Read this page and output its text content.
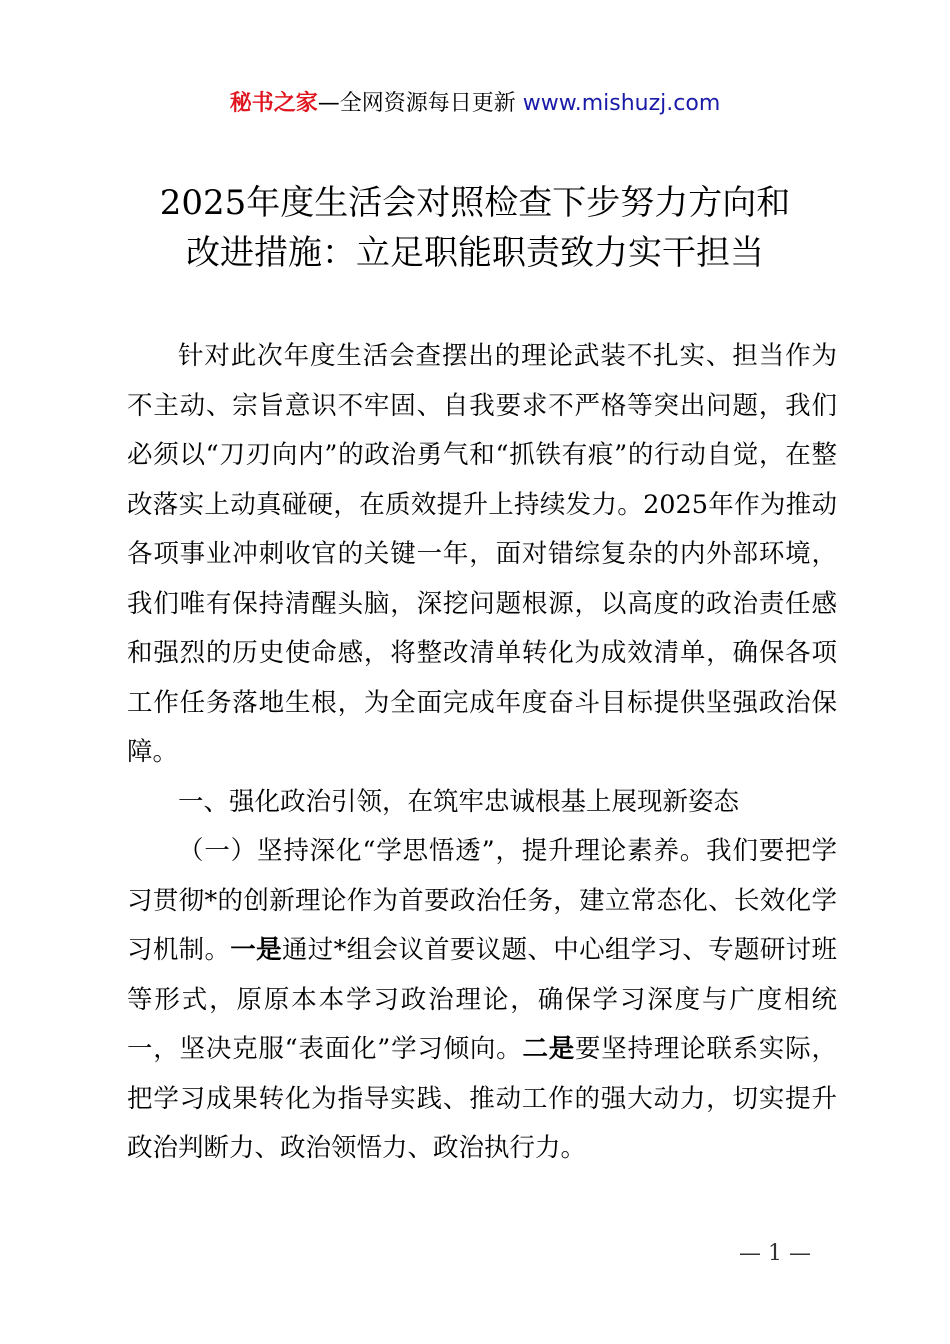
秘书之家—全网资源每日更新 www.mishuzj.com
2025年度生活会对照检查下步努力方向和
改进措施：立足职能职责致力实干担当

针对此次年度生活会查摆出的理论武装不扎实、担当作为不主动、宗旨意识不牢固、自我要求不严格等突出问题，我们必须以“刀刃向内”的政治勇气和“抓铁有痕”的行动自觉，在整改落实上动真碰硬，在质效提升上持续发力。2025年作为推动各项事业冲刺收官的关键一年，面对错综复杂的内外部环境，我们唯有保持清醒头脑，深挖问题根源，以高度的政治责任感和强烈的历史使命感，将整改清单转化为成效清单，确保各项工作任务落地生根，为全面完成年度奋斗目标提供坚强政治保障。

一、强化政治引领，在筑牢忠诚根基上展现新姿态

（一）坚持深化“学思悟透”，提升理论素养。我们要把学习贯彻*的创新理论作为首要政治任务，建立常态化、长效化学习机制。一是通过*组会议首要议题、中心组学习、专题研讨班等形式，原原本本学习政治理论，确保学习深度与广度相统一，坚决克服“表面化”学习倾向。二是要坚持理论联系实际，把学习成果转化为指导实践、推动工作的强大动力，切实提升政治判断力、政治领悟力、政治执行力。

— 1 —
